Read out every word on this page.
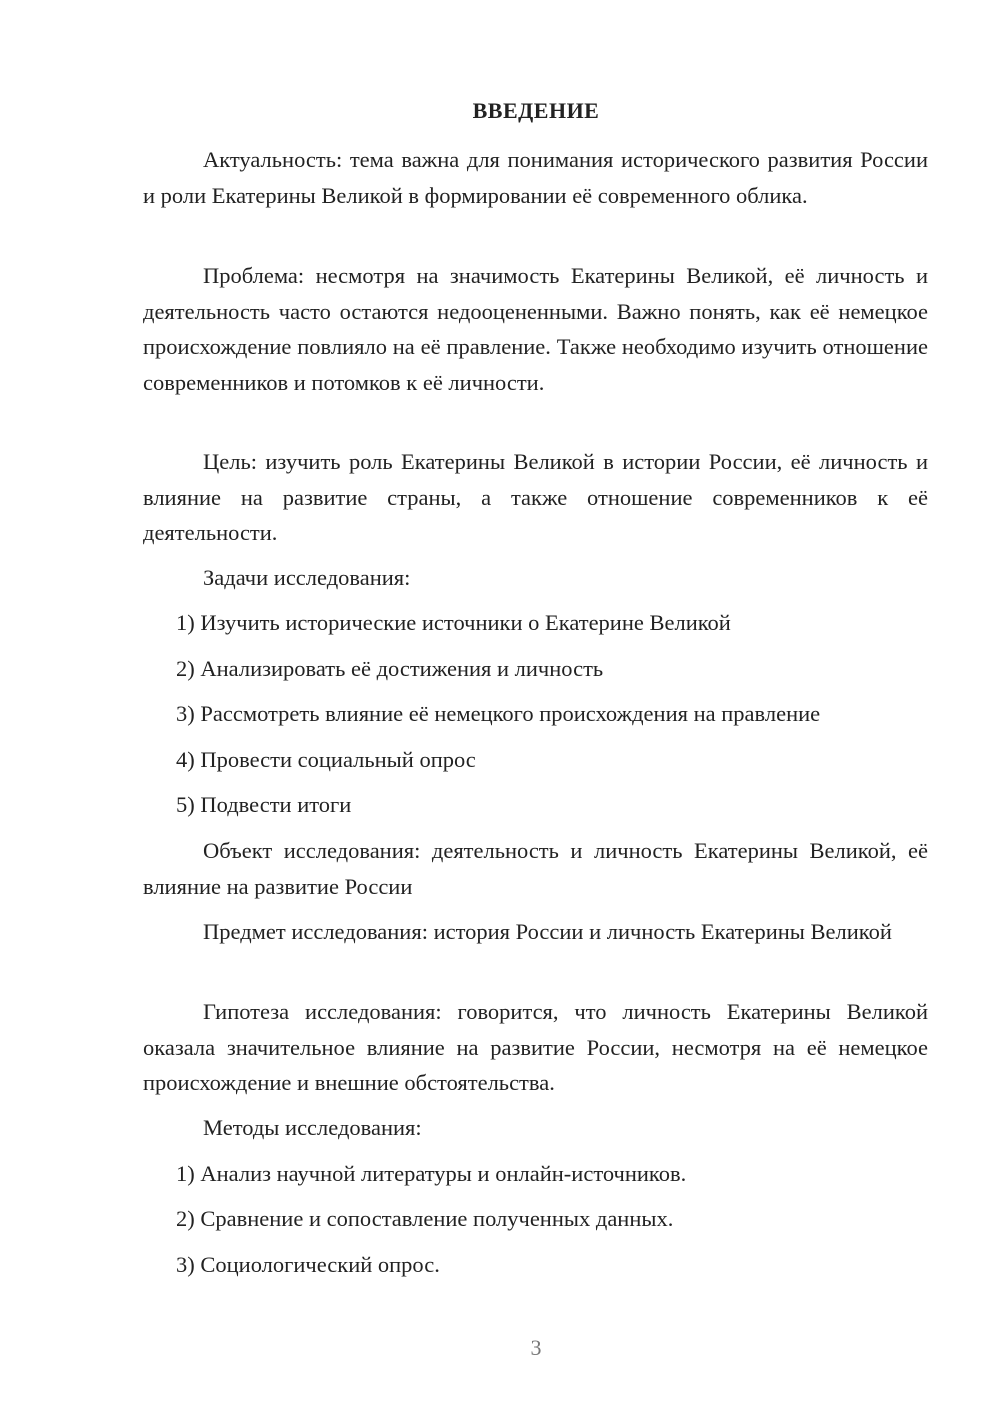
ВВЕДЕНИЕ
Актуальность: тема важна для понимания исторического развития России и роли Екатерины Великой в формировании её современного облика.
Проблема: несмотря на значимость Екатерины Великой, её личность и деятельность часто остаются недооцененными. Важно понять, как её немецкое происхождение повлияло на её правление. Также необходимо изучить отношение современников и потомков к её личности.
Цель: изучить роль Екатерины Великой в истории России, её личность и влияние на развитие страны, а также отношение современников к её деятельности.
Задачи исследования:
1) Изучить исторические источники о Екатерине Великой
2) Анализировать её достижения и личность
3) Рассмотреть влияние её немецкого происхождения на правление
4) Провести социальный опрос
5) Подвести итоги
Объект исследования: деятельность и личность Екатерины Великой, её влияние на развитие России
Предмет исследования: история России и личность Екатерины Великой
Гипотеза исследования: говорится, что личность Екатерины Великой оказала значительное влияние на развитие России, несмотря на её немецкое происхождение и внешние обстоятельства.
Методы исследования:
1) Анализ научной литературы и онлайн-источников.
2) Сравнение и сопоставление полученных данных.
3) Социологический опрос.
3
